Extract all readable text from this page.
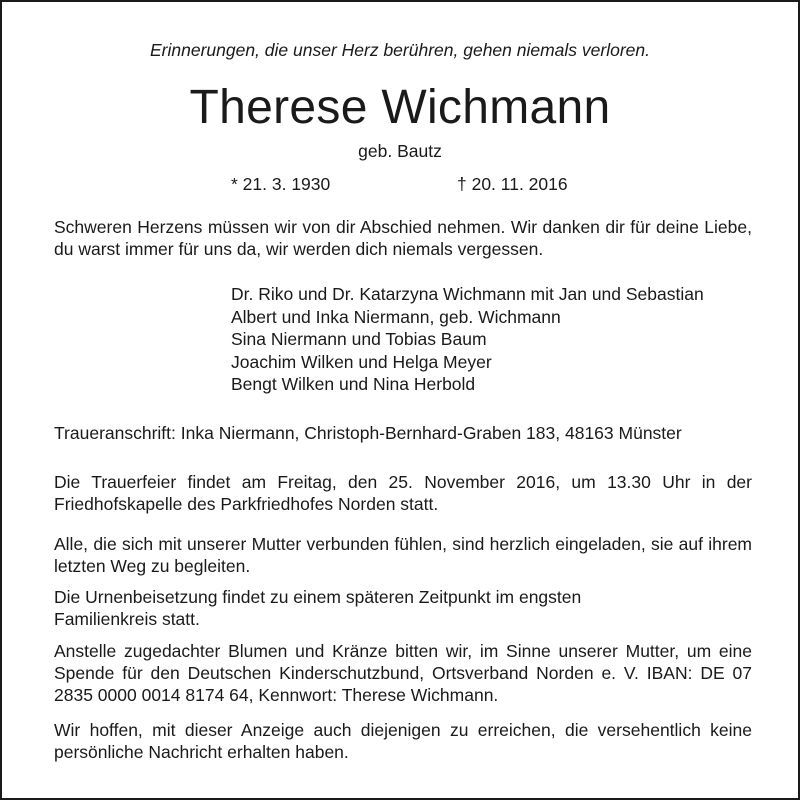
Erinnerungen, die unser Herz berühren, gehen niemals verloren.
Therese Wichmann
geb. Bautz
* 21. 3. 1930	† 20. 11. 2016
Schweren Herzens müssen wir von dir Abschied nehmen. Wir danken dir für deine Liebe, du warst immer für uns da, wir werden dich niemals vergessen.
Dr. Riko und Dr. Katarzyna Wichmann mit Jan und Sebastian
Albert und Inka Niermann, geb. Wichmann
Sina Niermann und Tobias Baum
Joachim Wilken und Helga Meyer
Bengt Wilken und Nina Herbold
Traueranschrift: Inka Niermann, Christoph-Bernhard-Graben 183, 48163 Münster
Die Trauerfeier findet am Freitag, den 25. November 2016, um 13.30 Uhr in der Friedhofskapelle des Parkfriedhofes Norden statt.
Alle, die sich mit unserer Mutter verbunden fühlen, sind herzlich eingeladen, sie auf ihrem letzten Weg zu begleiten.
Die Urnenbeisetzung findet zu einem späteren Zeitpunkt im engsten
Familienkreis statt.
Anstelle zugedachter Blumen und Kränze bitten wir, im Sinne unserer Mutter, um eine Spende für den Deutschen Kinderschutzbund, Ortsverband Norden e. V. IBAN: DE 07 2835 0000 0014 8174 64, Kennwort: Therese Wichmann.
Wir hoffen, mit dieser Anzeige auch diejenigen zu erreichen, die versehentlich keine persönliche Nachricht erhalten haben.
